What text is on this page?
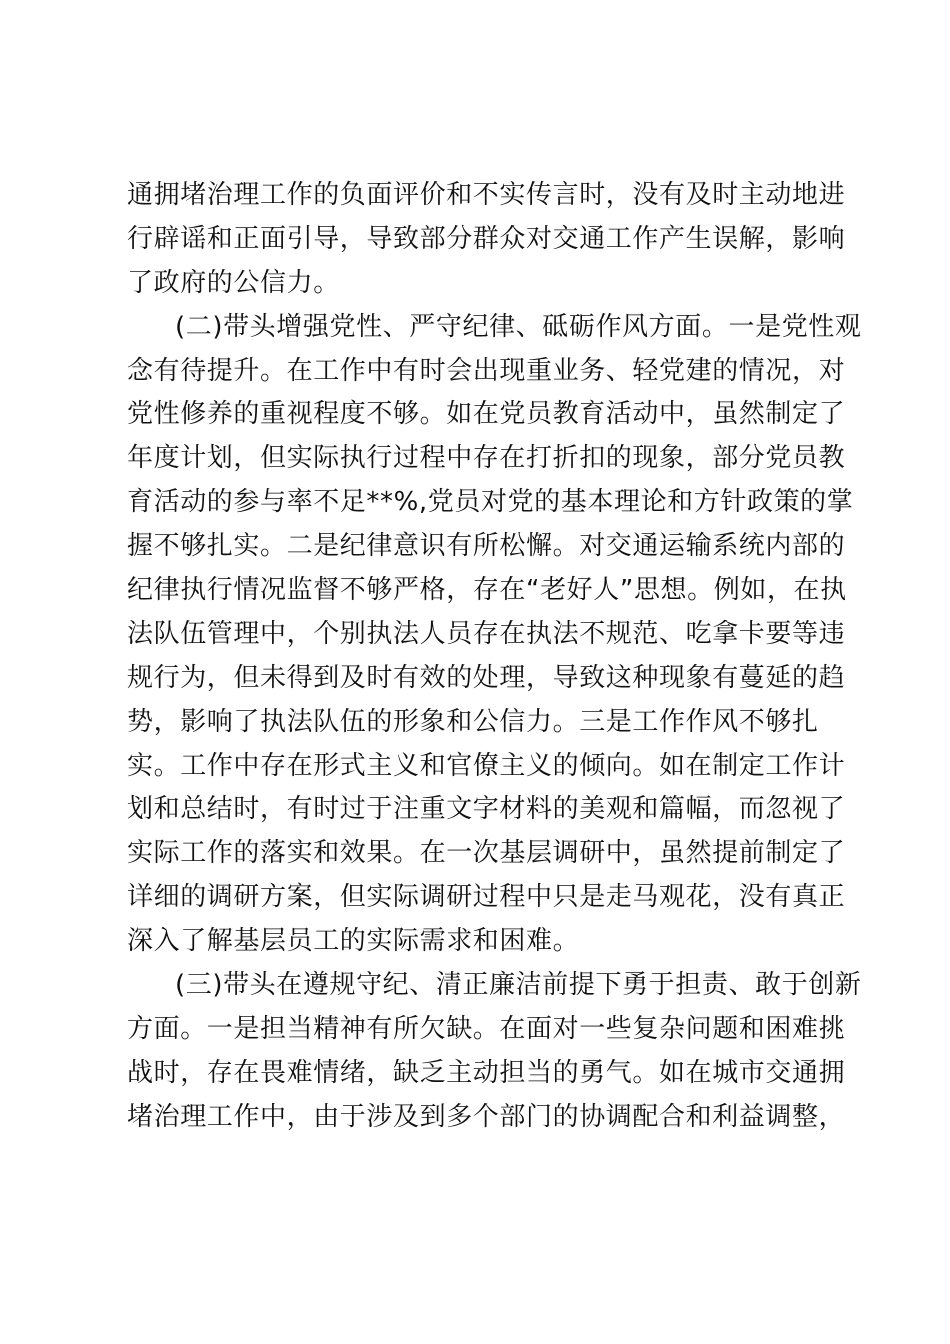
通拥堵治理工作的负面评价和不实传言时，没有及时主动地进
行辟谣和正面引导，导致部分群众对交通工作产生误解，影响
了政府的公信力。
(二)带头增强党性、严守纪律、砥砺作风方面。一是党性观
念有待提升。在工作中有时会出现重业务、轻党建的情况，对
党性修养的重视程度不够。如在党员教育活动中，虽然制定了
年度计划，但实际执行过程中存在打折扣的现象，部分党员教
育活动的参与率不足**%,党员对党的基本理论和方针政策的掌
握不够扎实。二是纪律意识有所松懈。对交通运输系统内部的
纪律执行情况监督不够严格，存在“老好人”思想。例如，在执
法队伍管理中，个别执法人员存在执法不规范、吃拿卡要等违
规行为，但未得到及时有效的处理，导致这种现象有蔓延的趋
势，影响了执法队伍的形象和公信力。三是工作作风不够扎
实。工作中存在形式主义和官僚主义的倾向。如在制定工作计
划和总结时，有时过于注重文字材料的美观和篇幅，而忽视了
实际工作的落实和效果。在一次基层调研中，虽然提前制定了
详细的调研方案，但实际调研过程中只是走马观花，没有真正
深入了解基层员工的实际需求和困难。
(三)带头在遵规守纪、清正廉洁前提下勇于担责、敢于创新
方面。一是担当精神有所欠缺。在面对一些复杂问题和困难挑
战时，存在畏难情绪，缺乏主动担当的勇气。如在城市交通拥
堵治理工作中，由于涉及到多个部门的协调配合和利益调整，
